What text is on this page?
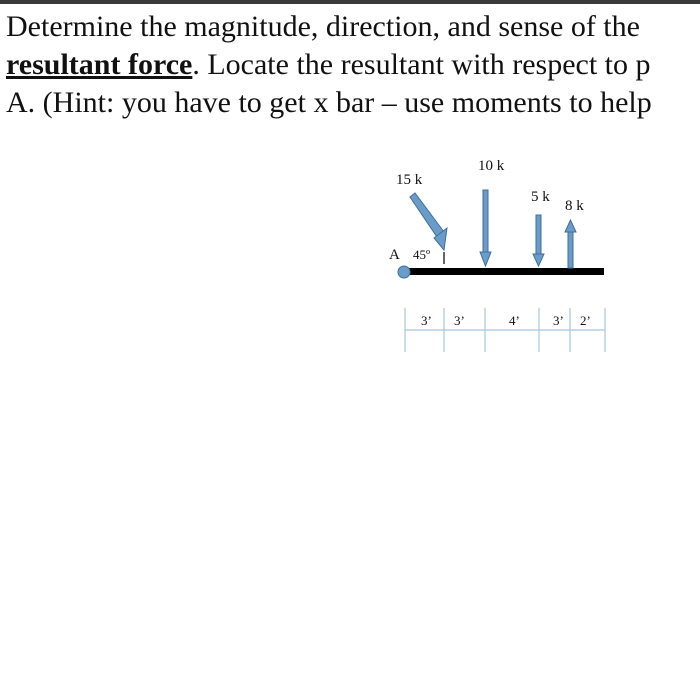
Determine the magnitude, direction, and sense of the
resultant force. Locate the resultant with respect to p
A. (Hint: you have to get x bar – use moments to help
A 45º
15 k
10 k
5 k
8 k
3’ 3’	4’	3’ 2’
